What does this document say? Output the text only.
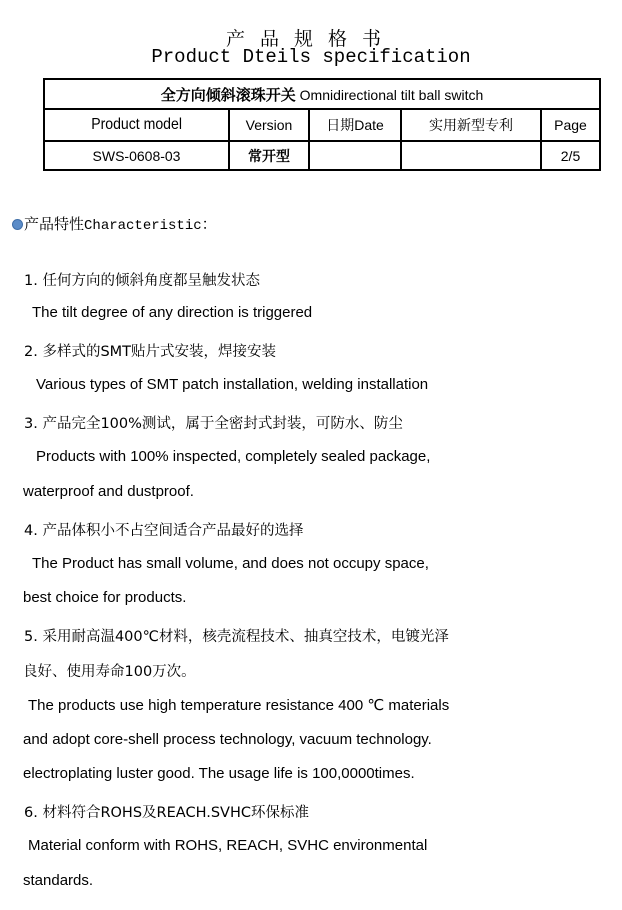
产品规格书
Product Dteils specification
全方向倾斜滚珠开关 Omnidirectional tilt ball switch				
Product model	Version	日期Date	实用新型专利	Page
SWS-0608-03	常开型			2/5
产品特性Characteristic：
1. 任何方向的倾斜角度都呈触发状态
The tilt degree of any direction is triggered
2. 多样式的SMT贴片式安装，焊接安装
Various types of SMT patch installation, welding installation
3. 产品完全100%测试，属于全密封式封装，可防水、防尘
Products with 100% inspected, completely sealed package,
waterproof and dustproof.
4. 产品体积小不占空间适合产品最好的选择
The Product has small volume, and does not occupy space,
best choice for products.
5. 采用耐高温400℃材料，核壳流程技术、抽真空技术，电镀光泽
良好、使用寿命100万次。
The products use high temperature resistance 400 ℃ materials
and adopt core-shell process technology, vacuum technology.
electroplating luster good. The usage life is 100,0000times.
6. 材料符合ROHS及REACH.SVHC环保标准
Material conform with ROHS, REACH, SVHC environmental
standards.
